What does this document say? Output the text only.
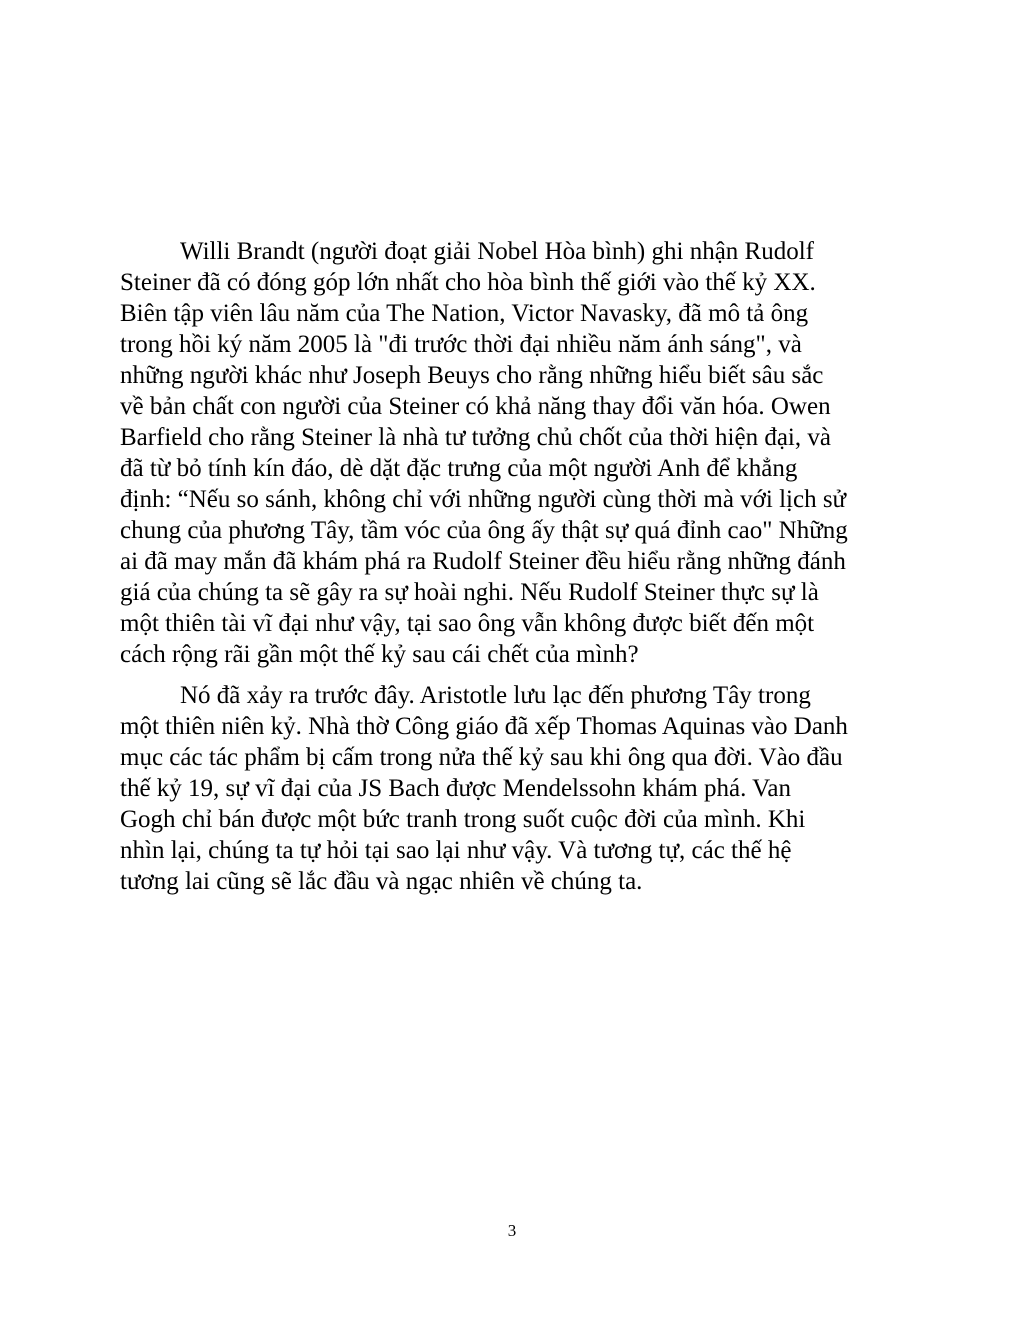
Willi Brandt (người đoạt giải Nobel Hòa bình) ghi nhận Rudolf
Steiner đã có đóng góp lớn nhất cho hòa bình thế giới vào thế kỷ XX.
Biên tập viên lâu năm của The Nation, Victor Navasky, đã mô tả ông
trong hồi ký năm 2005 là "đi trước thời đại nhiều năm ánh sáng", và
những người khác như Joseph Beuys cho rằng những hiểu biết sâu sắc
về bản chất con người của Steiner có khả năng thay đổi văn hóa. Owen
Barfield cho rằng Steiner là nhà tư tưởng chủ chốt của thời hiện đại, và
đã từ bỏ tính kín đáo, dè dặt đặc trưng của một người Anh để khẳng
định: “Nếu so sánh, không chỉ với những người cùng thời mà với lịch sử
chung của phương Tây, tầm vóc của ông ấy thật sự quá đỉnh cao" Những
ai đã may mắn đã khám phá ra Rudolf Steiner đều hiểu rằng những đánh
giá của chúng ta sẽ gây ra sự hoài nghi. Nếu Rudolf Steiner thực sự là
một thiên tài vĩ đại như vậy, tại sao ông vẫn không được biết đến một
cách rộng rãi gần một thế kỷ sau cái chết của mình?
Nó đã xảy ra trước đây. Aristotle lưu lạc đến phương Tây trong
một thiên niên kỷ. Nhà thờ Công giáo đã xếp Thomas Aquinas vào Danh
mục các tác phẩm bị cấm trong nửa thế kỷ sau khi ông qua đời. Vào đầu
thế kỷ 19, sự vĩ đại của JS Bach được Mendelssohn khám phá. Van
Gogh chỉ bán được một bức tranh trong suốt cuộc đời của mình. Khi
nhìn lại, chúng ta tự hỏi tại sao lại như vậy. Và tương tự, các thế hệ
tương lai cũng sẽ lắc đầu và ngạc nhiên về chúng ta.
3
